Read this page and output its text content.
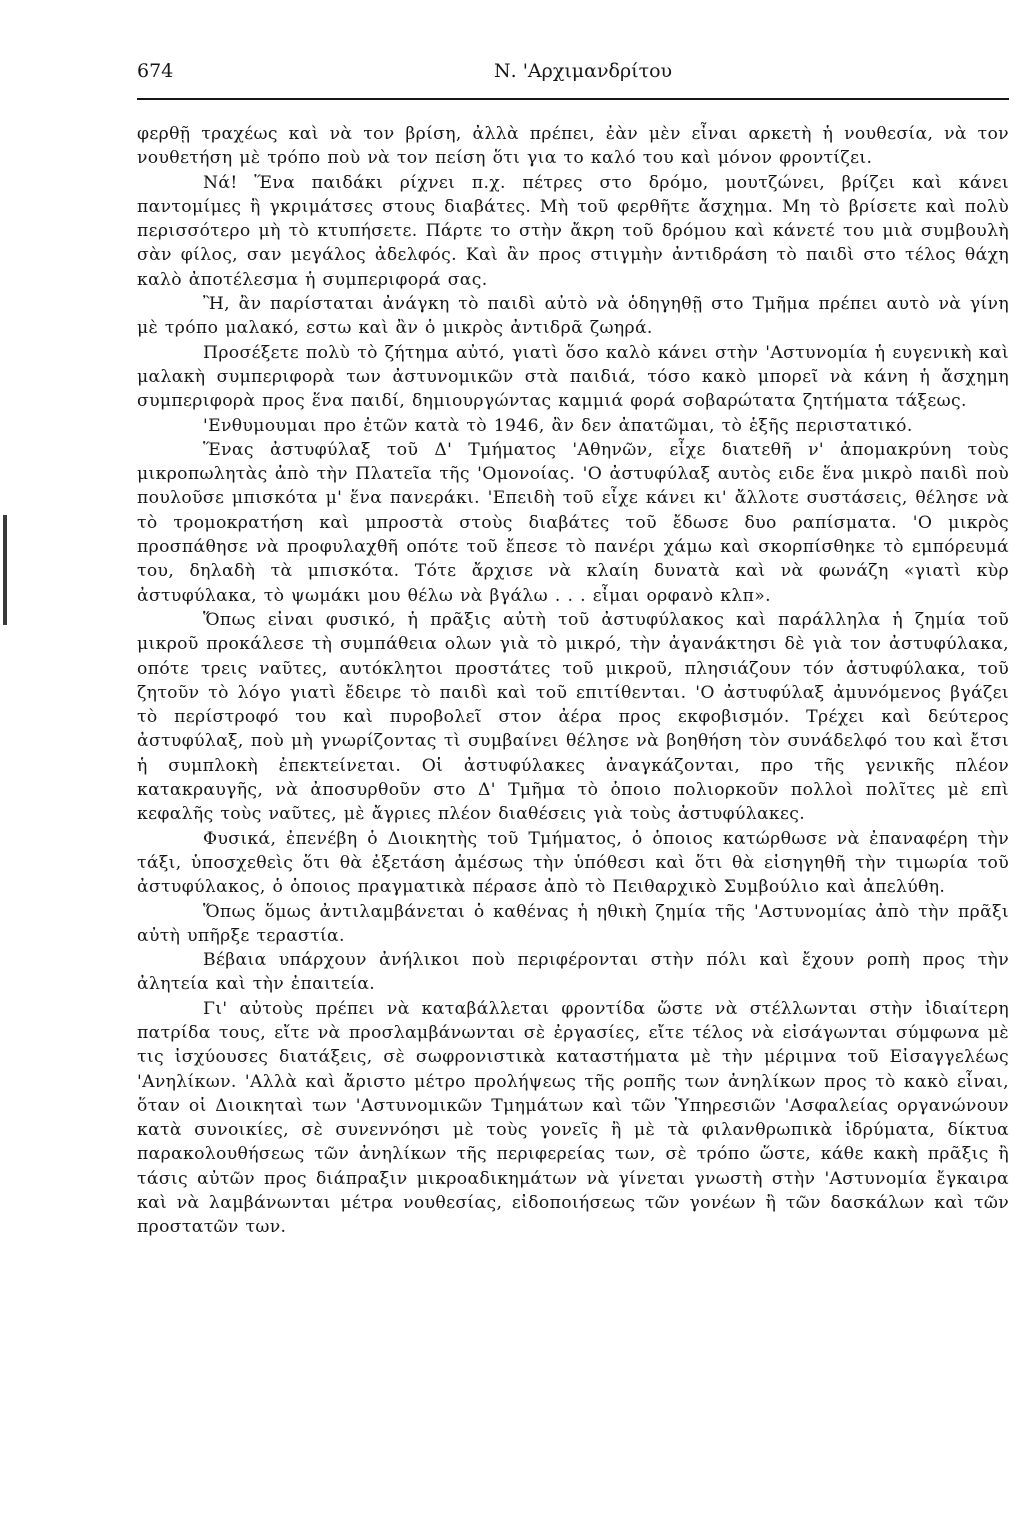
674	Ν. 'Αρχιμανδρίτου

φερθῇ τραχέως καὶ νὰ τον βρίση, ἀλλὰ πρέπει, ἐὰν μὲν εἶναι αρκετὴ ἡ νουθεσία, νὰ τον νουθετήση μὲ τρόπο ποὺ νὰ τον πείση ὅτι για το καλό του καὶ μόνον φροντίζει.

Νά! Ἕνα παιδάκι ρίχνει π.χ. πέτρες στο δρόμο, μουτζώνει, βρίζει καὶ κάνει παντομίμες ἢ γκριμάτσες στους διαβάτες. Μὴ τοῦ φερθῆτε ἄσχημα. Μη τὸ βρίσετε καὶ πολὺ περισσότερο μὴ τὸ κτυπήσετε. Πάρτε το στὴν ἄκρη τοῦ δρόμου καὶ κάνετέ του μιὰ συμβουλὴ σὰν φίλος, σαν μεγάλος ἀδελφός. Καὶ ἂν προς στιγμὴν ἀντιδράση τὸ παιδὶ στο τέλος θάχη καλὸ ἀποτέλεσμα ἡ συμπεριφορά σας.

Ἢ, ἂν παρίσταται ἀνάγκη τὸ παιδὶ αὐτὸ νὰ ὁδηγηθῇ στο Τμῆμα πρέπει αυτὸ νὰ γίνη μὲ τρόπο μαλακό, εστω καὶ ἂν ὁ μικρὸς ἀντιδρᾶ ζωηρά.

Προσέξετε πολὺ τὸ ζήτημα αὐτό, γιατὶ ὅσο καλὸ κάνει στὴν 'Αστυνομία ἡ ευγενικὴ καὶ μαλακὴ συμπεριφορὰ των ἀστυνομικῶν στὰ παιδιά, τόσο κακὸ μπορεῖ νὰ κάνη ἡ ἄσχημη συμπεριφορὰ προς ἕνα παιδί, δημιουργώντας καμμιά φορά σοβαρώτατα ζητήματα τάξεως.

'Ενθυμουμαι προ ἐτῶν κατὰ τὸ 1946, ἂν δεν ἀπατῶμαι, τὸ ἑξῆς περιστατικό.

Ἕνας ἀστυφύλαξ τοῦ Δ' Τμήματος 'Αθηνῶν, εἶχε διατεθῆ ν' ἀπομακρύνη τοὺς μικροπωλητὰς ἀπὸ τὴν Πλατεῖα τῆς 'Ομονοίας. 'Ο ἀστυφύλαξ αυτὸς ειδε ἕνα μικρὸ παιδὶ ποὺ πουλοῦσε μπισκότα μ' ἕνα πανεράκι. 'Επειδὴ τοῦ εἶχε κάνει κι' ἄλλοτε συστάσεις, θέλησε νὰ τὸ τρομοκρατήση καὶ μπροστὰ στοὺς διαβάτες τοῦ ἔδωσε δυο ραπίσματα. 'Ο μικρὸς προσπάθησε νὰ προφυλαχθῆ οπότε τοῦ ἔπεσε τὸ πανέρι χάμω καὶ σκορπίσθηκε τὸ εμπόρευμά του, δηλαδὴ τὰ μπισκότα. Τότε ἄρχισε νὰ κλαίη δυνατὰ καὶ νὰ φωνάζη «γιατὶ κὺρ ἀστυφύλακα, τὸ ψωμάκι μου θέλω νὰ βγάλω . . . εἶμαι ορφανὸ κλπ».

Ὅπως εἰναι φυσικό, ἡ πρᾶξις αὐτὴ τοῦ ἀστυφύλακος καὶ παράλληλα ἡ ζημία τοῦ μικροῦ προκάλεσε τὴ συμπάθεια ολων γιὰ τὸ μικρό, τὴν ἀγανάκτησι δὲ γιὰ τον ἀστυφύλακα, οπότε τρεις ναῦτες, αυτόκλητοι προστάτες τοῦ μικροῦ, πλησιάζουν τόν ἀστυφύλακα, τοῦ ζητοῦν τὸ λόγο γιατὶ ἔδειρε τὸ παιδὶ καὶ τοῦ επιτίθενται. 'Ο ἀστυφύλαξ ἀμυνόμενος βγάζει τὸ περίστροφό του καὶ πυροβολεῖ στον ἀέρα προς εκφοβισμόν. Τρέχει καὶ δεύτερος ἀστυφύλαξ, ποὺ μὴ γνωρίζοντας τὶ συμβαίνει θέλησε νὰ βοηθήση τὸν συνάδελφό του καὶ ἔτσι ἡ συμπλοκὴ ἐπεκτείνεται. Οἱ ἀστυφύλακες ἀναγκάζονται, προ τῆς γενικῆς πλέον κατακραυγῆς, νὰ ἀποσυρθοῦν στο Δ' Τμῆμα τὸ ὁποιο πολιορκοῦν πολλοὶ πολῖτες μὲ επὶ κεφαλῆς τοὺς ναῦτες, μὲ ἄγριες πλέον διαθέσεις γιὰ τοὺς ἀστυφύλακες.

Φυσικά, ἐπενέβη ὁ Διοικητὴς τοῦ Τμήματος, ὁ ὁποιος κατώρθωσε νὰ ἐπαναφέρη τὴν τάξι, ὑποσχεθεὶς ὅτι θὰ ἐξετάση ἀμέσως τὴν ὑπόθεσι καὶ ὅτι θὰ εἰσηγηθῆ τὴν τιμωρία τοῦ ἀστυφύλακος, ὁ ὁποιος πραγματικὰ πέρασε ἀπὸ τὸ Πειθαρχικὸ Συμβούλιο καὶ ἀπελύθη.

Ὅπως ὅμως ἀντιλαμβάνεται ὁ καθένας ἡ ηθικὴ ζημία τῆς 'Αστυνομίας ἀπὸ τὴν πρᾶξι αὐτὴ υπῆρξε τεραστία.

Βέβαια υπάρχουν ἀνήλικοι ποὺ περιφέρονται στὴν πόλι καὶ ἔχουν ροπὴ προς τὴν ἀλητεία καὶ τὴν ἐπαιτεία.

Γι' αὐτοὺς πρέπει νὰ καταβάλλεται φροντίδα ὥστε νὰ στέλλωνται στὴν ἰδιαίτερη πατρίδα τους, εἴτε νὰ προσλαμβάνωνται σὲ ἐργασίες, εἴτε τέλος νὰ εἰσάγωνται σύμφωνα μὲ τις ἰσχύουσες διατάξεις, σὲ σωφρονιστικὰ καταστήματα μὲ τὴν μέριμνα τοῦ Εἰσαγγελέως 'Ανηλίκων. 'Αλλὰ καὶ ἄριστο μέτρο προλήψεως τῆς ροπῆς των ἀνηλίκων προς τὸ κακὸ εἶναι, ὅταν οἱ Διοικηταὶ των 'Αστυνομικῶν Τμημάτων καὶ τῶν Ὑπηρεσιῶν 'Ασφαλείας οργανώνουν κατὰ συνοικίες, σὲ συνεννόησι μὲ τοὺς γονεῖς ἢ μὲ τὰ φιλανθρωπικὰ ἱδρύματα, δίκτυα παρακολουθήσεως τῶν ἀνηλίκων τῆς περιφερείας των, σὲ τρόπο ὥστε, κάθε κακὴ πρᾶξις ἢ τάσις αὐτῶν προς διάπραξιν μικροαδικημάτων νὰ γίνεται γνωστὴ στὴν 'Αστυνομία ἔγκαιρα καὶ νὰ λαμβάνωνται μέτρα νουθεσίας, εἰδοποιήσεως τῶν γονέων ἢ τῶν δασκάλων καὶ τῶν προστατῶν των.
